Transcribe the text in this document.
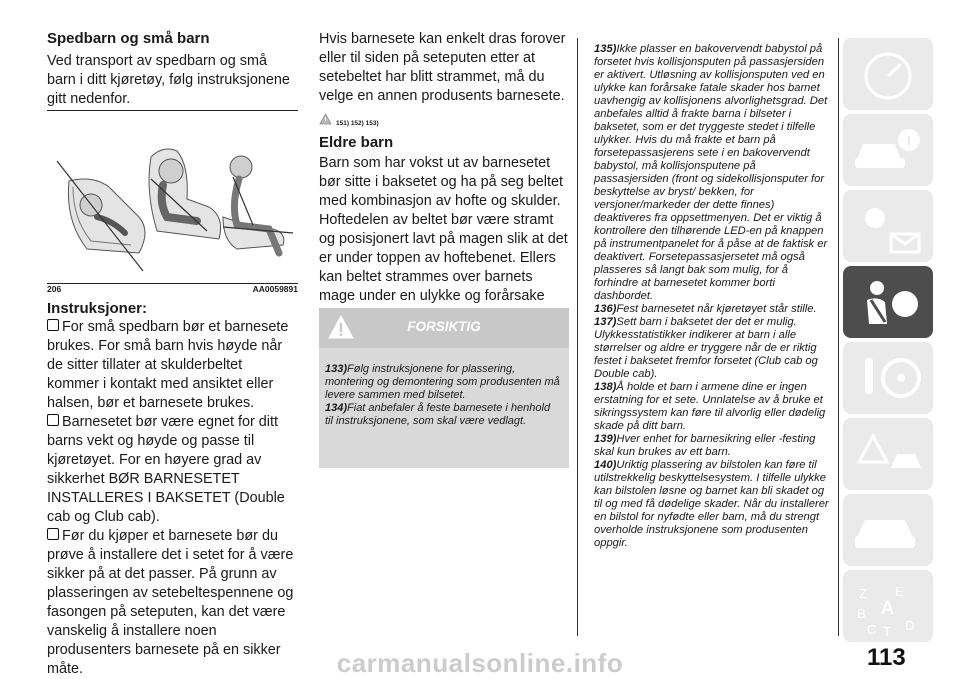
Spedbarn og små barn

Ved transport av spedbarn og små barn i ditt kjøretøy, følg instruksjonene gitt nedenfor.

206	AA0059891
Instruksjoner:

For små spedbarn bør et barnesete brukes. For små barn hvis høyde når de sitter tillater at skulderbeltet kommer i kontakt med ansiktet eller halsen, bør et barnesete brukes.

Barnesetet bør være egnet for ditt barns vekt og høyde og passe til kjøretøyet. For en høyere grad av sikkerhet BØR BARNESETET INSTALLERES I BAKSETET (Double cab og Club cab).

Før du kjøper et barnesete bør du prøve å installere det i setet for å være sikker på at det passer. På grunn av plasseringen av setebeltespennene og fasongen på seteputen, kan det være vanskelig å installere noen produsenters barnesete på en sikker måte.

Hvis barnesete kan enkelt dras forover eller til siden på seteputen etter at setebeltet har blitt strammet, må du velge en annen produsents barnesete.

151) 152) 153)
Eldre barn

Barn som har vokst ut av barnesetet bør sitte i baksetet og ha på seg beltet med kombinasjon av hofte og skulder. Hoftedelen av beltet bør være stramt og posisjonert lavt på magen slik at det er under toppen av hoftebenet. Ellers kan beltet strammes over barnets mage under en ulykke og forårsake

FORSIKTIG
133)Følg instruksjonene for plassering, montering og demontering som produsenten må levere sammen med bilsetet.
134)Fiat anbefaler å feste barnesete i henhold til instruksjonene, som skal være vedlagt.
135)Ikke plasser en bakovervendt babystol på forsetet hvis kollisjonsputen på passasjersiden er aktivert. Utløsning av kollisjonsputen ved en ulykke kan forårsake fatale skader hos barnet uavhengig av kollisjonens alvorlighetsgrad. Det anbefales alltid å frakte barna i bilseter i baksetet, som er det tryggeste stedet i tilfelle ulykker. Hvis du må frakte et barn på forsetepassasjerens sete i en bakovervendt babystol, må kollisjonsputene på passasjersiden (front og sidekollisjonsputer for beskyttelse av bryst/ bekken, for versjoner/markeder der dette finnes) deaktiveres fra oppsettmenyen. Det er viktig å kontrollere den tilhørende LED-en på knappen på instrumentpanelet for å påse at de faktisk er deaktivert. Forsetepassasjersetet må også plasseres så langt bak som mulig, for å forhindre at barnesetet kommer borti dashbordet.
136)Fest barnesetet når kjøretøyet står stille.
137)Sett barn i baksetet der det er mulig. Ulykkesstatistikker indikerer at barn i alle størrelser og aldre er tryggere når de er riktig festet i baksetet fremfor forsetet (Club cab og Double cab).
138)Å holde et barn i armene dine er ingen erstatning for et sete. Unnlatelse av å bruke et sikringssystem kan føre til alvorlig eller dødelig skade på ditt barn.
139)Hver enhet for barnesikring eller -festing skal kun brukes av ett barn.
140)Uriktig plassering av bilstolen kan føre til utilstrekkelig beskyttelsesystem. I tilfelle ulykke kan bilstolen løsne og barnet kan bli skadet og til og med få dødelige skader. Når du installerer en bilstol for nyfødte eller barn, må du strengt overholde instruksjonene som produsenten oppgir.
Z E
B A
C T D
113
carmanualsonline.info
